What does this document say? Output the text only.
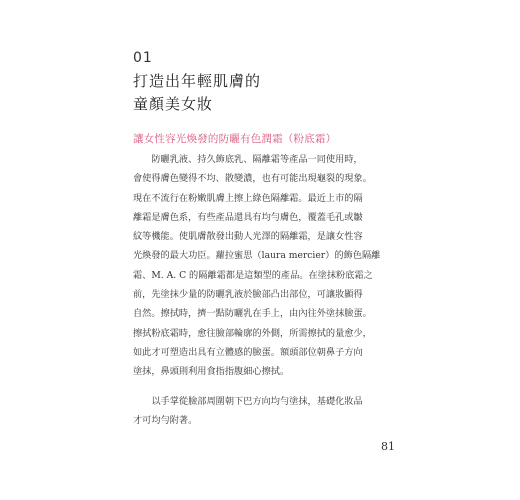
01
打造出年輕肌膚的
童顏美女妝
讓女性容光煥發的防曬有色潤霜（粉底霜）
　　防曬乳液、持久飾底乳、隔離霜等產品一同使用時，
會使得膚色變得不均、散變濃，也有可能出現龜裂的現象。
現在不流行在粉嫩肌膚上擦上綠色隔離霜。最近上市的隔
離霜是膚色系，有些產品還具有均勻膚色，覆蓋毛孔或皺
紋等機能。使肌膚散發出動人光澤的隔離霜，是讓女性容
光煥發的最大功臣。蘿拉蜜思（laura mercier）的飾色隔離
霜、M. A. C 的隔離霜都是這類型的產品。在塗抹粉底霜之
前，先塗抹少量的防曬乳液於臉部凸出部位，可讓妝顯得
自然。擦拭時，擠一點防曬乳在手上，由內往外塗抹臉蛋。
擦拭粉底霜時，愈往臉部輪廓的外側，所需擦拭的量愈少，
如此才可塑造出具有立體感的臉蛋。額頭部位朝鼻子方向
塗抹，鼻頭則利用食指指腹細心擦拭。
　　以手掌從臉部周圍朝下巴方向均勻塗抹，基礎化妝品
才可均勻附著。
81
